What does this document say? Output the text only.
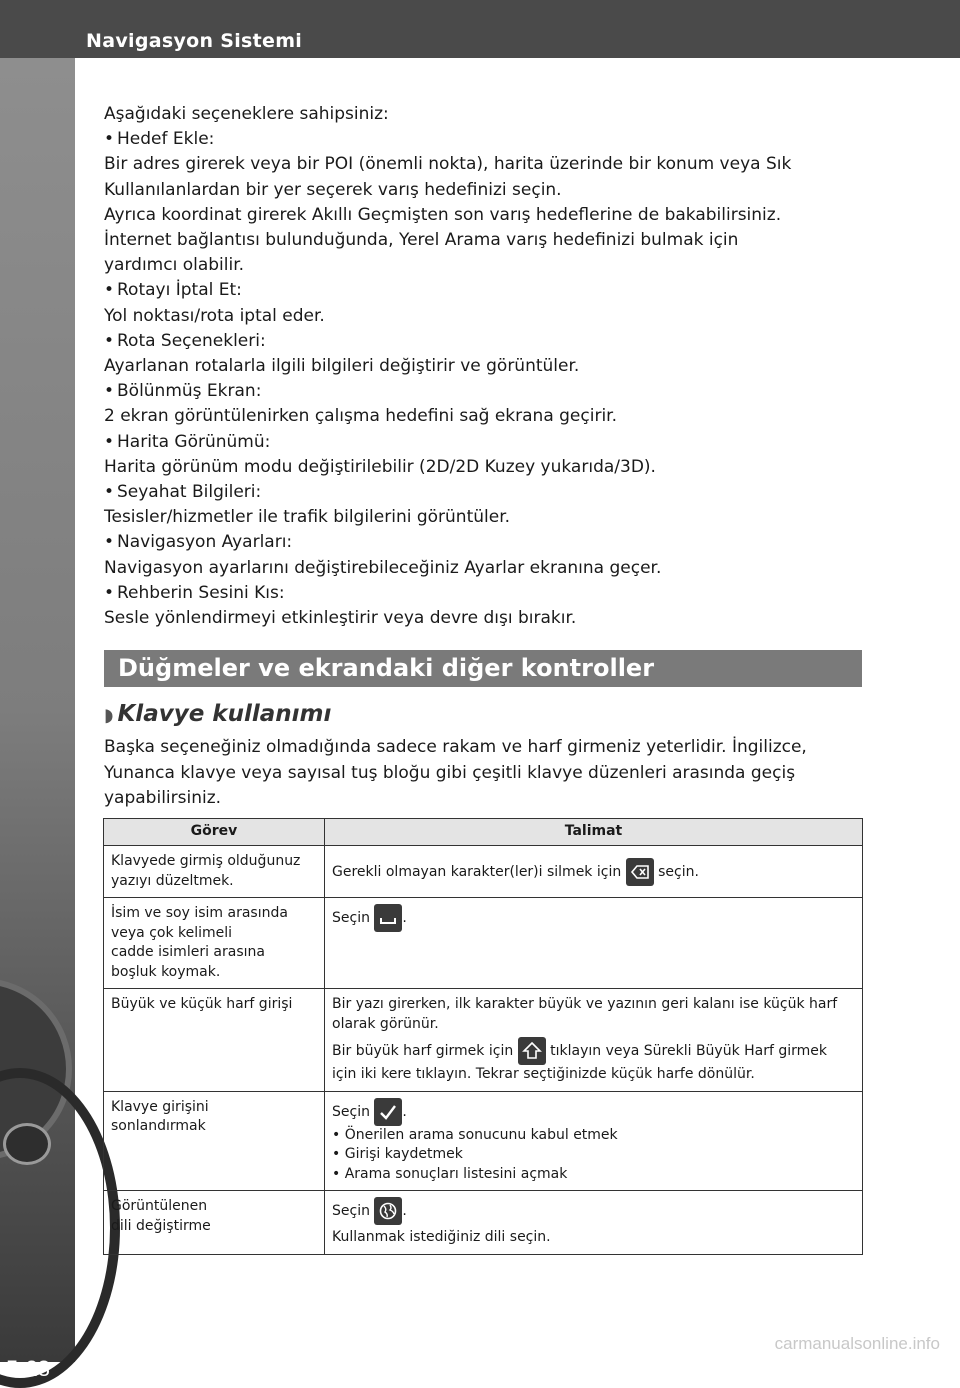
Navigasyon Sistemi
5-28

Aşağıdaki seçeneklere sahipsiniz:

• Hedef Ekle:

Bir adres girerek veya bir POI (önemli nokta), harita üzerinde bir konum veya Sık

Kullanılanlardan bir yer seçerek varış hedefinizi seçin.

Ayrıca koordinat girerek Akıllı Geçmişten son varış hedeflerine de bakabilirsiniz.

İnternet bağlantısı bulunduğunda, Yerel Arama varış hedefinizi bulmak için

yardımcı olabilir.

• Rotayı İptal Et:

Yol noktası/rota iptal eder.

• Rota Seçenekleri:

Ayarlanan rotalarla ilgili bilgileri değiştirir ve görüntüler.

• Bölünmüş Ekran:

2 ekran görüntülenirken çalışma hedefini sağ ekrana geçirir.

• Harita Görünümü:

Harita görünüm modu değiştirilebilir (2D/2D Kuzey yukarıda/3D).

• Seyahat Bilgileri:

Tesisler/hizmetler ile trafik bilgilerini görüntüler.

• Navigasyon Ayarları:

Navigasyon ayarlarını değiştirebileceğiniz Ayarlar ekranına geçer.

• Rehberin Sesini Kıs:

Sesle yönlendirmeyi etkinleştirir veya devre dışı bırakır.

Düğmeler ve ekrandaki diğer kontroller
◗ Klavye kullanımı

Başka seçeneğiniz olmadığında sadece rakam ve harf girmeniz yeterlidir. İngilizce, Yunanca klavye veya sayısal tuş bloğu gibi çeşitli klavye düzenleri arasında geçiş yapabilirsiniz.

Görev	Talimat

Klavyede girmiş olduğunuz
yazıyı düzeltmek.	Gerekli olmayan karakter(ler)i silmek için seçin.

İsim ve soy isim arasında
veya çok kelimeli
cadde isimleri arasına
boşluk koymak.	Seçin .

Büyük ve küçük harf girişi	Bir yazı girerken, ilk karakter büyük ve yazının geri kalanı ise küçük harf olarak görünür.
Bir büyük harf girmek için tıklayın veya Sürekli Büyük Harf girmek için iki kere tıklayın. Tekrar seçtiğinizde küçük harfe dönülür.

Klavye girişini
sonlandırmak	Seçin .
• Önerilen arama sonucunu kabul etmek
• Girişi kaydetmek
• Arama sonuçları listesini açmak

Görüntülenen
dili değiştirme	Seçin .
Kullanmak istediğiniz dili seçin.
carmanualsonline.info
